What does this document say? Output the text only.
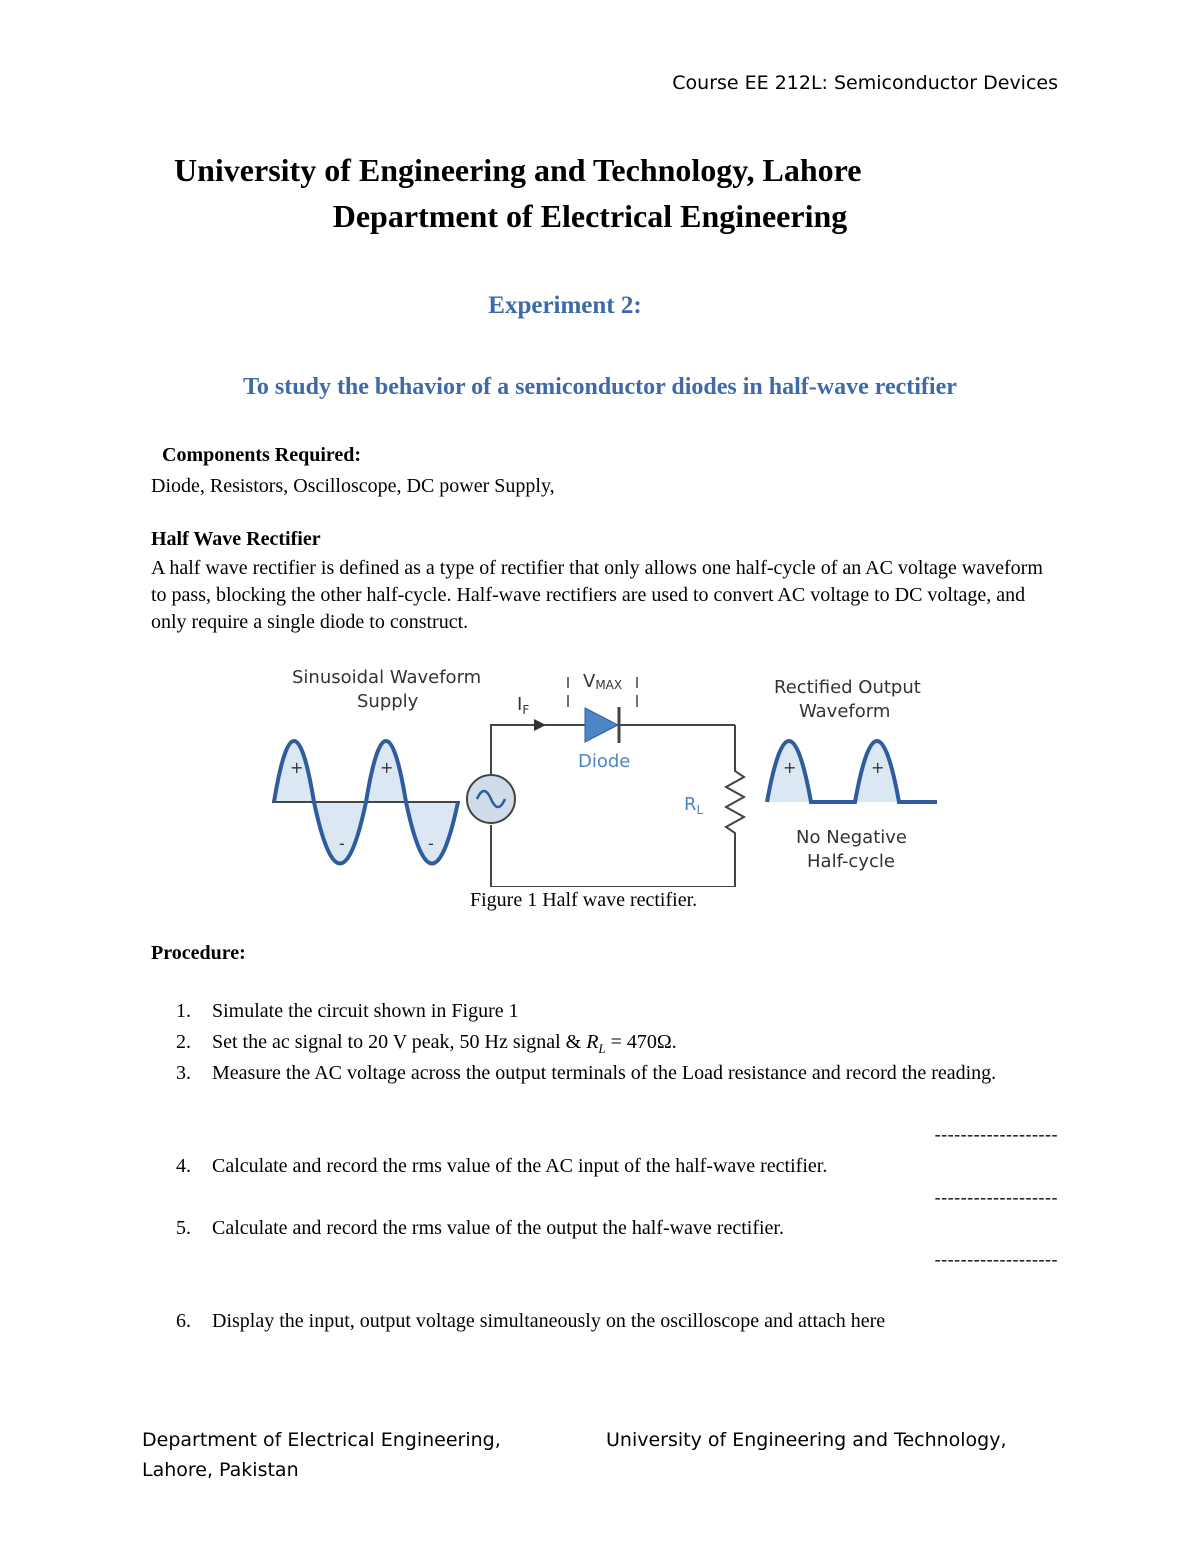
Course EE 212L: Semiconductor Devices
University of Engineering and Technology, Lahore
Department of Electrical Engineering
Experiment 2:
To study the behavior of a semiconductor diodes in half-wave rectifier
Components Required:
Diode, Resistors, Oscilloscope, DC power Supply,
Half Wave Rectifier
A half wave rectifier is defined as a type of rectifier that only allows one half-cycle of an AC voltage waveform to pass, blocking the other half-cycle. Half-wave rectifiers are used to convert AC voltage to DC voltage, and only require a single diode to construct.
+	+
-	-
Sinusoidal Waveform
Supply
Diode
$I_F$
VMAX
$R_L$
+	+
Rectified Output
Waveform
No Negative
Half-cycle
Figure 1 Half wave rectifier.
Procedure:
1. Simulate the circuit shown in Figure 1
2. Set the ac signal to 20 V peak, 50 Hz signal & $R_L = 470\Omega$.
3. Measure the AC voltage across the output terminals of the Load resistance and record the reading.
-------------------
4. Calculate and record the rms value of the AC input of the half-wave rectifier.
-------------------
5. Calculate and record the rms value of the output the half-wave rectifier.
-------------------
6. Display the input, output voltage simultaneously on the oscilloscope and attach here
Department of Electrical Engineering,
Lahore, Pakistan
University of Engineering and Technology,
